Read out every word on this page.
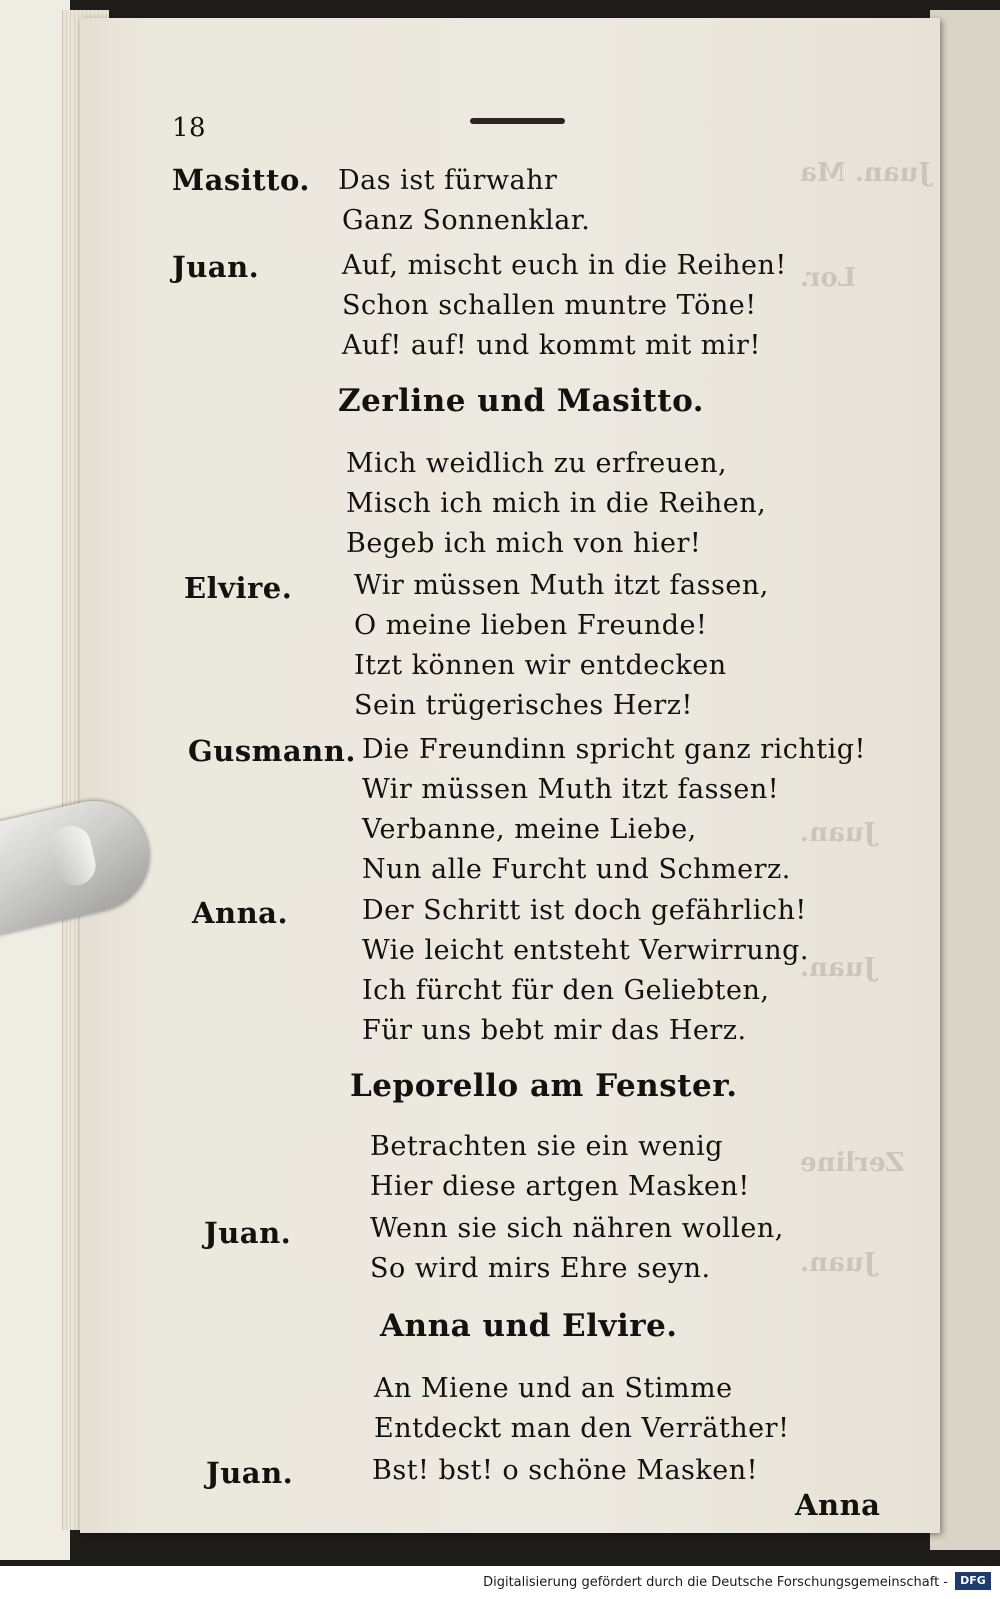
Juan. Ma
Lor.
Juan.
Juan.
Zerline
Juan.
18
Masitto. Das ist fürwahr
Ganz Sonnenklar.
Juan.	Auf, mischt euch in die Reihen!
Schon schallen muntre Töne!
Auf! auf! und kommt mit mir!
Zerline und Masitto.
Mich weidlich zu erfreuen,
Misch ich mich in die Reihen,
Begeb ich mich von hier!
Elvire. Wir müssen Muth itzt fassen,
O meine lieben Freunde!
Itzt können wir entdecken
Sein trügerisches Herz!
Gusmann. Die Freundinn spricht ganz richtig!
Wir müssen Muth itzt fassen!
Verbanne, meine Liebe,
Nun alle Furcht und Schmerz.
Anna.	Der Schritt ist doch gefährlich!
Wie leicht entsteht Verwirrung.
Ich fürcht für den Geliebten,
Für uns bebt mir das Herz.
Leporello am Fenster.
Betrachten sie ein wenig
Hier diese artgen Masken!
Juan.	Wenn sie sich nähren wollen,
So wird mirs Ehre seyn.
Anna und Elvire.
An Miene und an Stimme
Entdeckt man den Verräther!
Juan.	Bst! bst! o schöne Masken!
Anna
Digitalisierung gefördert durch die Deutsche Forschungsgemeinschaft -	DFG
